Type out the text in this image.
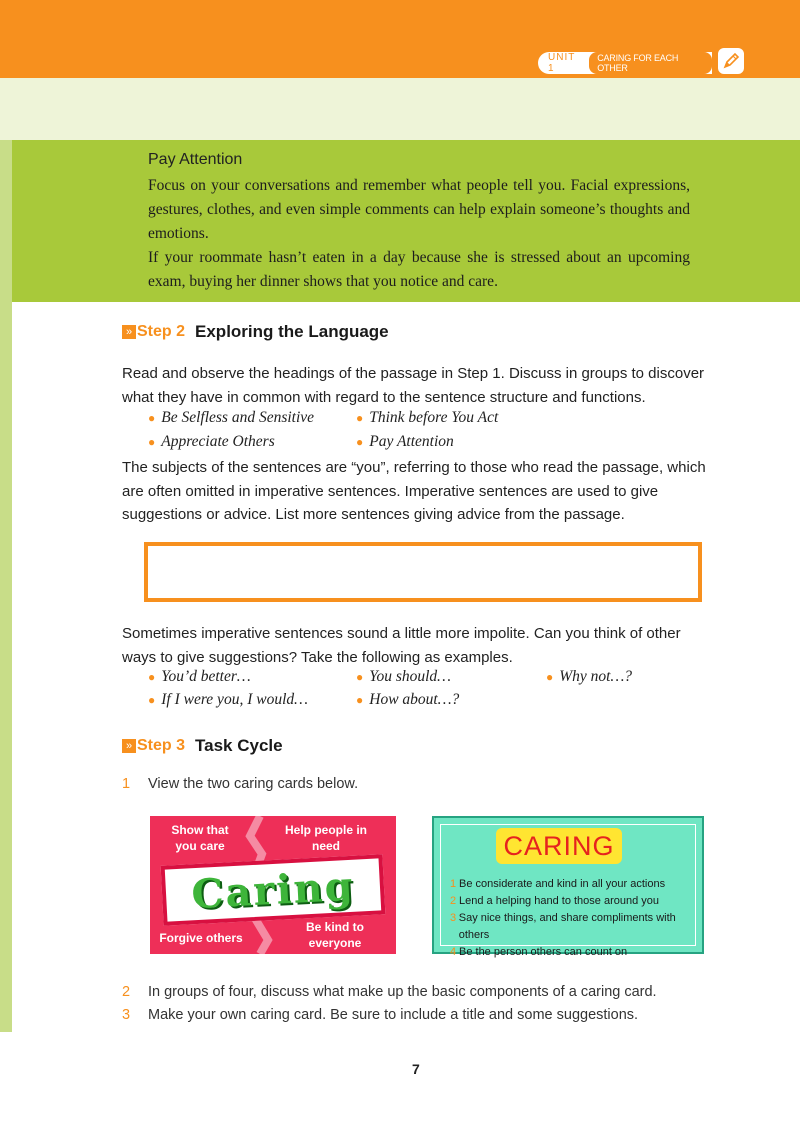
UNIT 1
CARING FOR EACH OTHER
Pay Attention

Focus on your conversations and remember what people tell you. Facial expressions, gestures, clothes, and even simple comments can help explain someone’s thoughts and emotions.

If your roommate hasn’t eaten in a day because she is stressed about an upcoming exam, buying her dinner shows that you notice and care.

» Step 2 Exploring the Language

Read and observe the headings of the passage in Step 1. Discuss in groups to discover what they have in common with regard to the sentence structure and functions.

● Be Selfless and Sensitive	● Think before You Act
● Appreciate Others	● Pay Attention

The subjects of the sentences are “you”, referring to those who read the passage, which are often omitted in imperative sentences. Imperative sentences are used to give suggestions or advice. List more sentences giving advice from the passage.

Sometimes imperative sentences sound a little more impolite. Can you think of other ways to give suggestions? Take the following as examples.

● You’d better…	● You should…	● Why not…?
● If I were you, I would…	● How about…?
» Step 3 Task Cycle
1	View the two caring cards below.
Show that you care
Help people in need
Caring
Forgive others
Be kind to everyone
CARING
1 Be considerate and kind in all your actions
2 Lend a helping hand to those around you
3 Say nice things, and share compliments with others
4 Be the person others can count on
2	In groups of four, discuss what make up the basic components of a caring card.
3	Make your own caring card. Be sure to include a title and some suggestions.
7
